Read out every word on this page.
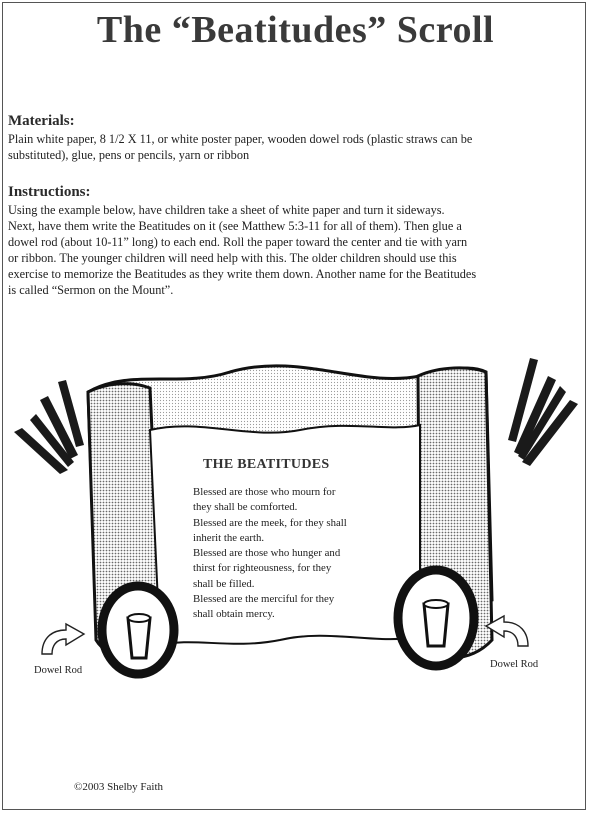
The “Beatitudes” Scroll

Materials:

Plain white paper, 8 1/2 X 11, or white poster paper, wooden dowel rods (plastic straws can be
substituted), glue, pens or pencils, yarn or ribbon

Instructions:

Using the example below, have children take a sheet of white paper and turn it sideways.
Next, have them write the Beatitudes on it (see Matthew 5:3-11 for all of them). Then glue a
dowel rod (about 10-11” long) to each end. Roll the paper toward the center and tie with yarn
or ribbon. The younger children will need help with this. The older children should use this
exercise to memorize the Beatitudes as they write them down. Another name for the Beatitudes
is called “Sermon on the Mount”.

THE BEATITUDES
Blessed are those who mourn for
they shall be comforted.
Blessed are the meek, for they shall
inherit the earth.
Blessed are those who hunger and
thirst for righteousness, for they
shall be filled.
Blessed are the merciful for they
shall obtain mercy.
Dowel Rod
Dowel Rod
©2003 Shelby Faith
